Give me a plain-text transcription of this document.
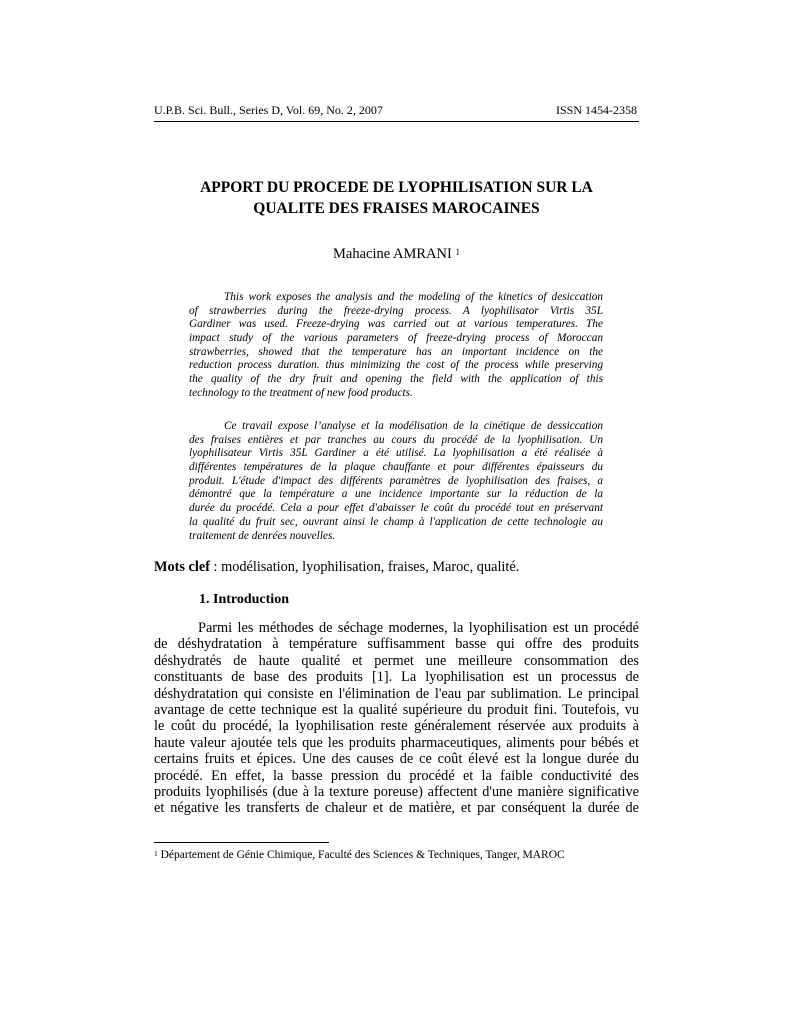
U.P.B. Sci. Bull., Series D, Vol. 69, No. 2, 2007	ISSN 1454-2358
APPORT DU PROCEDE DE LYOPHILISATION SUR LA
QUALITE DES FRAISES MAROCAINES
Mahacine AMRANI $^1$
This work exposes the analysis and the modeling of the kinetics of desiccation
of strawberries during the freeze-drying process. A lyophilisator Virtis 35L
Gardiner was used. Freeze-drying was carried out at various temperatures. The
impact study of the various parameters of freeze-drying process of Moroccan
strawberries, showed that the temperature has an important incidence on the
reduction process duration. thus minimizing the cost of the process while preserving
the quality of the dry fruit and opening the field with the application of this
technology to the treatment of new food products.
Ce travail expose l’analyse et la modélisation de la cinétique de dessiccation
des fraises entières et par tranches au cours du procédé de la lyophilisation. Un
lyophilisateur Virtis 35L Gardiner a été utilisé. La lyophilisation a été réalisée à
différentes températures de la plaque chauffante et pour différentes épaisseurs du
produit. L'étude d'impact des différents paramètres de lyophilisation des fraises, a
démontré que la température a une incidence importante sur la réduction de la
durée du procédé. Cela a pour effet d'abaisser le coût du procédé tout en préservant
la qualité du fruit sec, ouvrant ainsi le champ à l'application de cette technologie au
traitement de denrées nouvelles.
Mots clef : modélisation, lyophilisation, fraises, Maroc, qualité.
1. Introduction
Parmi les méthodes de séchage modernes, la lyophilisation est un procédé
de déshydratation à température suffisamment basse qui offre des produits
déshydratés de haute qualité et permet une meilleure consommation des
constituants de base des produits [1]. La lyophilisation est un processus de
déshydratation qui consiste en l'élimination de l'eau par sublimation. Le principal
avantage de cette technique est la qualité supérieure du produit fini. Toutefois, vu
le coût du procédé, la lyophilisation reste généralement réservée aux produits à
haute valeur ajoutée tels que les produits pharmaceutiques, aliments pour bébés et
certains fruits et épices. Une des causes de ce coût élevé est la longue durée du
procédé. En effet, la basse pression du procédé et la faible conductivité des
produits lyophilisés (due à la texture poreuse) affectent d'une manière significative
et négative les transferts de chaleur et de matière, et par conséquent la durée de
$^1$ Département de Génie Chimique, Faculté des Sciences & Techniques, Tanger, MAROC
